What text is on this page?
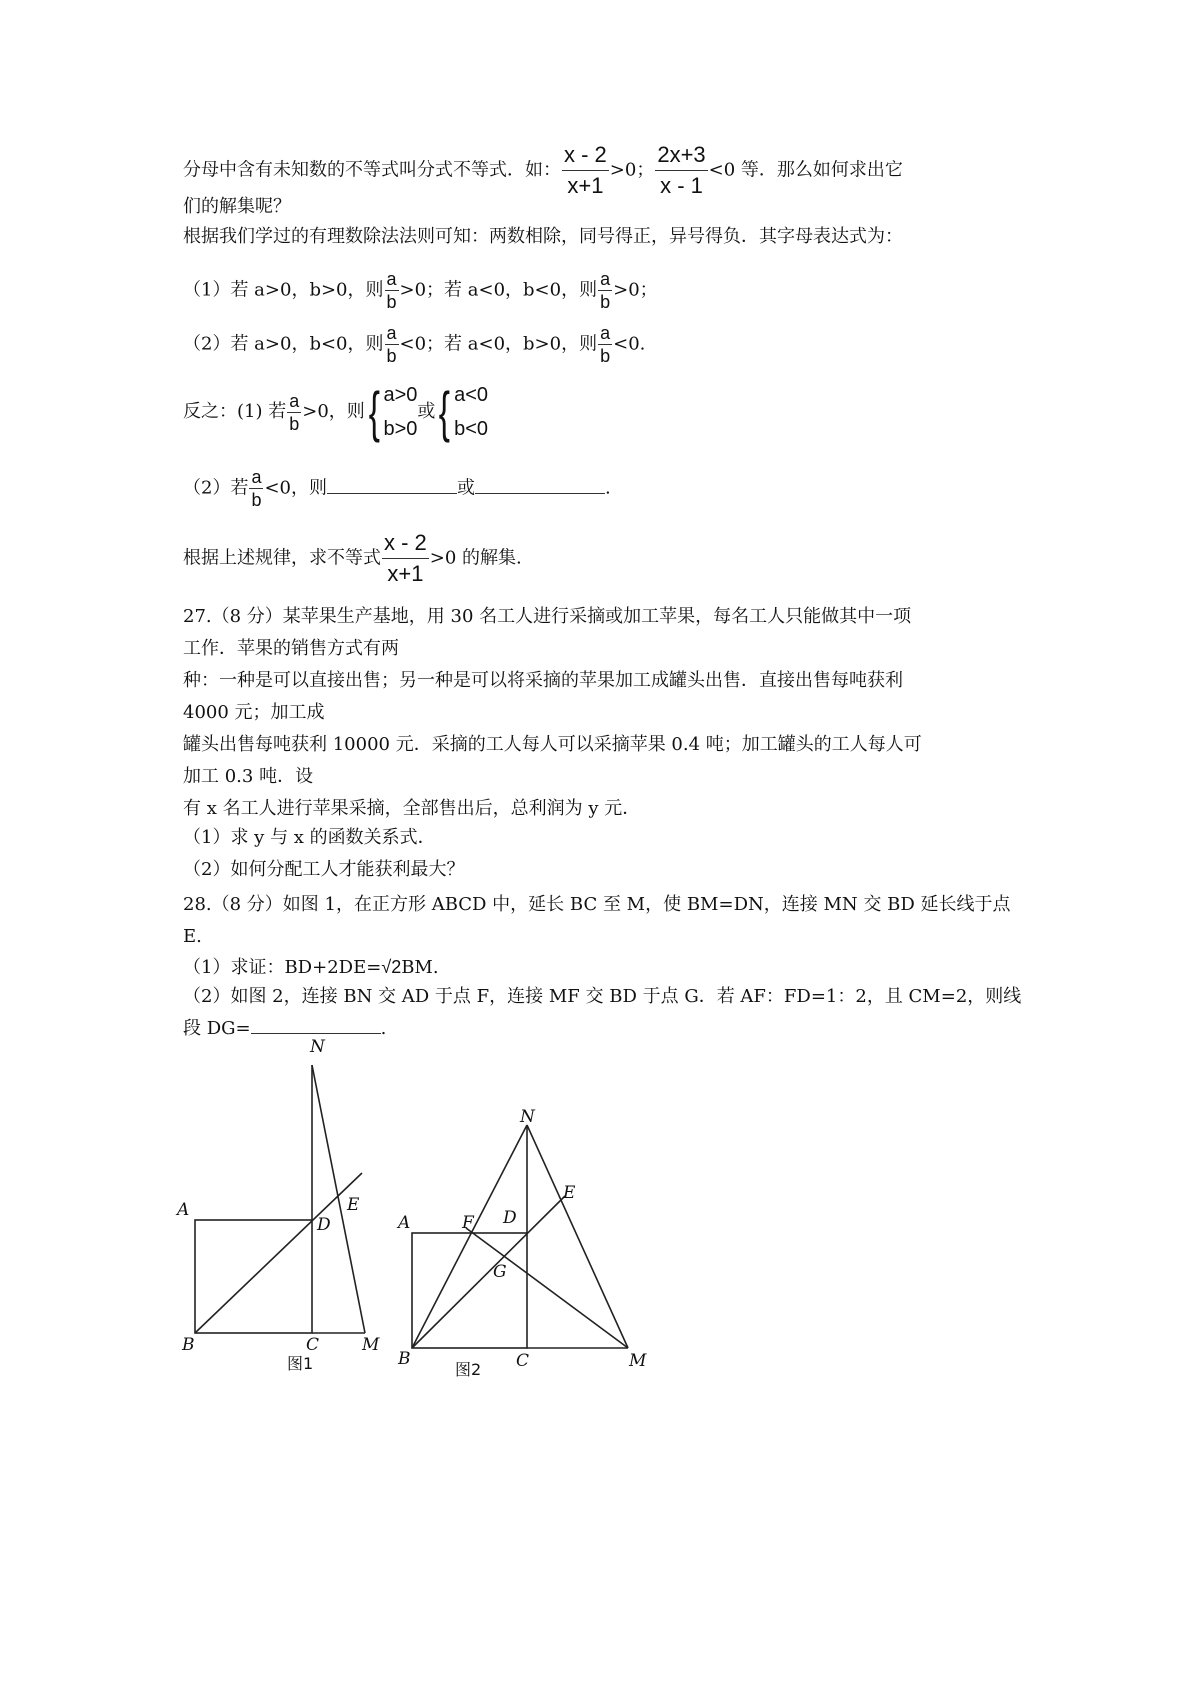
分母中含有未知数的不等式叫分式不等式．如： $\frac{x - 2}{x+1} >0$； $\frac{2x+3}{x - 1} <0$ 等．那么如何求出它
们的解集呢？
根据我们学过的有理数除法法则可知：两数相除，同号得正，异号得负．其字母表达式为：
（1）若 a>0，b>0，则 $\frac{a}{b} >0$；若 a<0，b<0，则 $\frac{a}{b} >0$；
（2）若 a>0，b<0，则 $\frac{a}{b} <0$；若 a<0，b>0，则 $\frac{a}{b} <0$.
反之：(1) 若 $\frac{a}{b} >0$，则 { a>0
b>0
或 { a<0
b<0
（2）若 $\frac{a}{b} <0$，则	或	.
根据上述规律，求不等式 $\frac{x - 2}{x+1} >0$ 的解集.
27.（8 分）某苹果生产基地，用 30 名工人进行采摘或加工苹果，每名工人只能做其中一项
工作．苹果的销售方式有两
种：一种是可以直接出售；另一种是可以将采摘的苹果加工成罐头出售．直接出售每吨获利
4000 元；加工成
罐头出售每吨获利 10000 元．采摘的工人每人可以采摘苹果 0.4 吨；加工罐头的工人每人可
加工 0.3 吨．设
有 x 名工人进行苹果采摘，全部售出后，总利润为 y 元．
（1）求 y 与 x 的函数关系式．
（2）如何分配工人才能获利最大？
28.（8 分）如图 1，在正方形 ABCD 中，延长 BC 至 M，使 BM=DN，连接 MN 交 BD 延长线于点
E.
（1）求证：BD+2DE=√2BM.
（2）如图 2，连接 BN 交 AD 于点 F，连接 MF 交 BD 于点 G．若 AF：FD=1：2，且 CM=2，则线
段 DG=	.
A
D
E
N
B	C	M
图1
A	F D
E
N
G
B	C	M
图2
